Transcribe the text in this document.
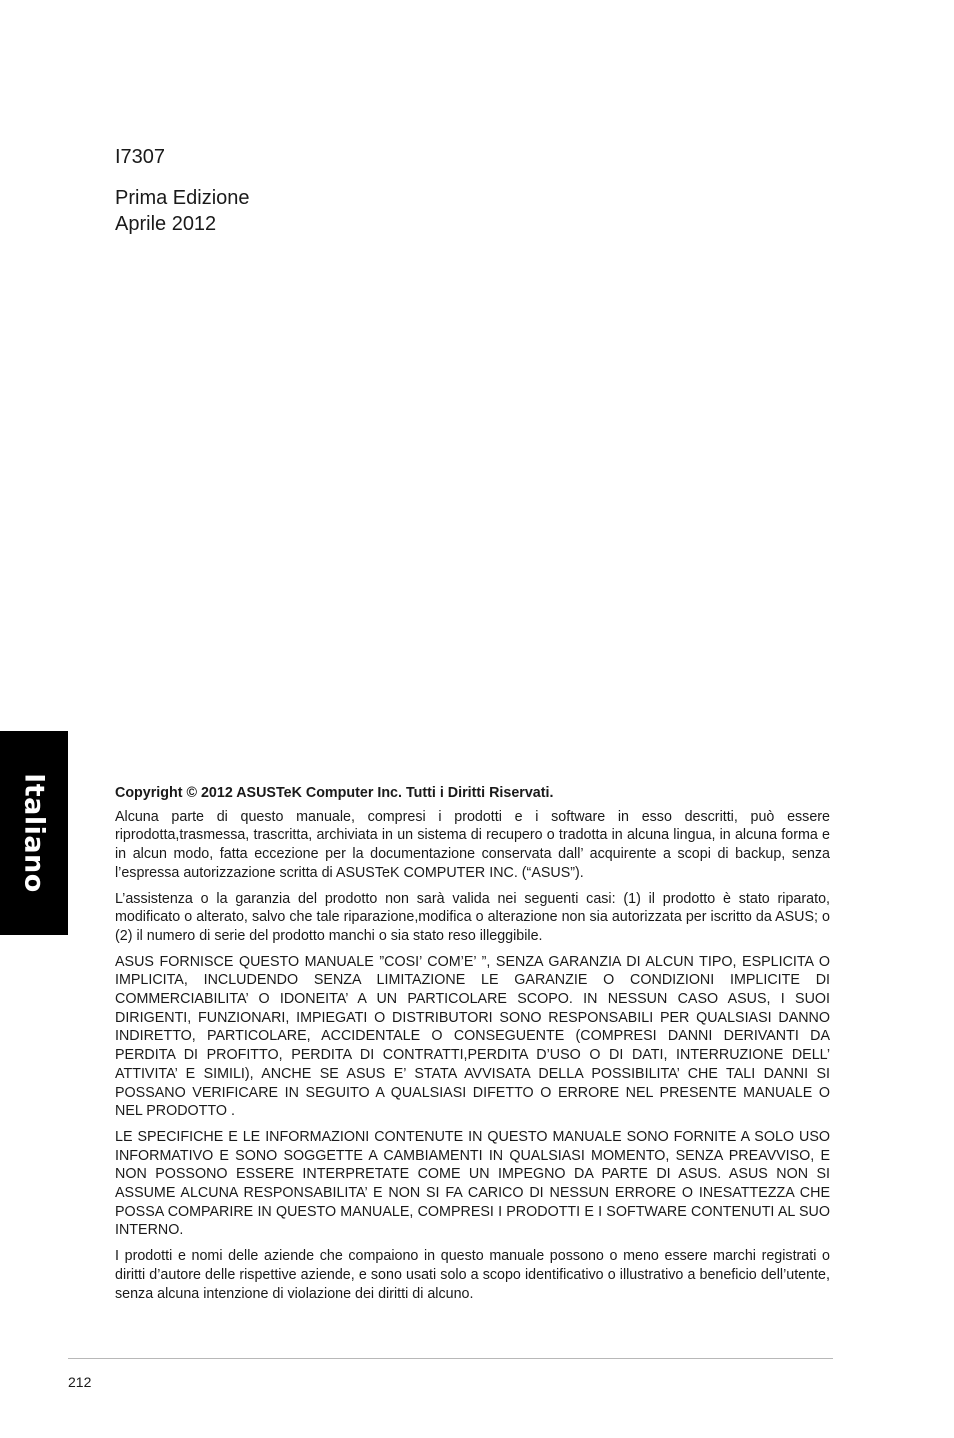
Italiano
I7307
Prima Edizione
Aprile 2012

Copyright © 2012 ASUSTeK Computer Inc. Tutti i Diritti Riservati.

Alcuna parte di questo manuale, compresi i prodotti e i software in esso descritti, può essere riprodotta,trasmessa, trascritta, archiviata in un sistema di recupero o tradotta in alcuna lingua, in alcuna forma e in alcun modo, fatta eccezione per la documentazione conservata dall’ acquirente a scopi di backup, senza l’espressa autorizzazione scritta di ASUSTeK COMPUTER INC. (“ASUS”).

L’assistenza o la garanzia del prodotto non sarà valida nei seguenti casi: (1) il prodotto è stato riparato, modificato o alterato, salvo che tale riparazione,modifica o alterazione non sia autorizzata per iscritto da ASUS; o (2) il numero di serie del prodotto manchi o sia stato reso illeggibile.

ASUS FORNISCE QUESTO MANUALE ”COSI’ COM’E’ ”, SENZA GARANZIA DI ALCUN TIPO, ESPLICITA O IMPLICITA, INCLUDENDO SENZA LIMITAZIONE LE GARANZIE O CONDIZIONI IMPLICITE DI COMMERCIABILITA’ O IDONEITA’ A UN PARTICOLARE SCOPO. IN NESSUN CASO ASUS, I SUOI DIRIGENTI, FUNZIONARI, IMPIEGATI O DISTRIBUTORI SONO RESPONSABILI PER QUALSIASI DANNO INDIRETTO, PARTICOLARE, ACCIDENTALE O CONSEGUENTE (COMPRESI DANNI DERIVANTI DA PERDITA DI PROFITTO, PERDITA DI CONTRATTI,PERDITA D’USO O DI DATI, INTERRUZIONE DELL’ ATTIVITA’ E SIMILI), ANCHE SE ASUS E’ STATA AVVISATA DELLA POSSIBILITA’ CHE TALI DANNI SI POSSANO VERIFICARE IN SEGUITO A QUALSIASI DIFETTO O ERRORE NEL PRESENTE MANUALE O NEL PRODOTTO .

LE SPECIFICHE E LE INFORMAZIONI CONTENUTE IN QUESTO MANUALE SONO FORNITE A SOLO USO INFORMATIVO E SONO SOGGETTE A CAMBIAMENTI IN QUALSIASI MOMENTO, SENZA PREAVVISO, E NON POSSONO ESSERE INTERPRETATE COME UN IMPEGNO DA PARTE DI ASUS. ASUS NON SI ASSUME ALCUNA RESPONSABILITA’ E NON SI FA CARICO DI NESSUN ERRORE O INESATTEZZA CHE POSSA COMPARIRE IN QUESTO MANUALE, COMPRESI I PRODOTTI E I SOFTWARE CONTENUTI AL SUO INTERNO.

I prodotti e nomi delle aziende che compaiono in questo manuale possono o meno essere marchi registrati o diritti d’autore delle rispettive aziende, e sono usati solo a scopo identificativo o illustrativo a beneficio dell’utente, senza alcuna intenzione di violazione dei diritti di alcuno.

212
